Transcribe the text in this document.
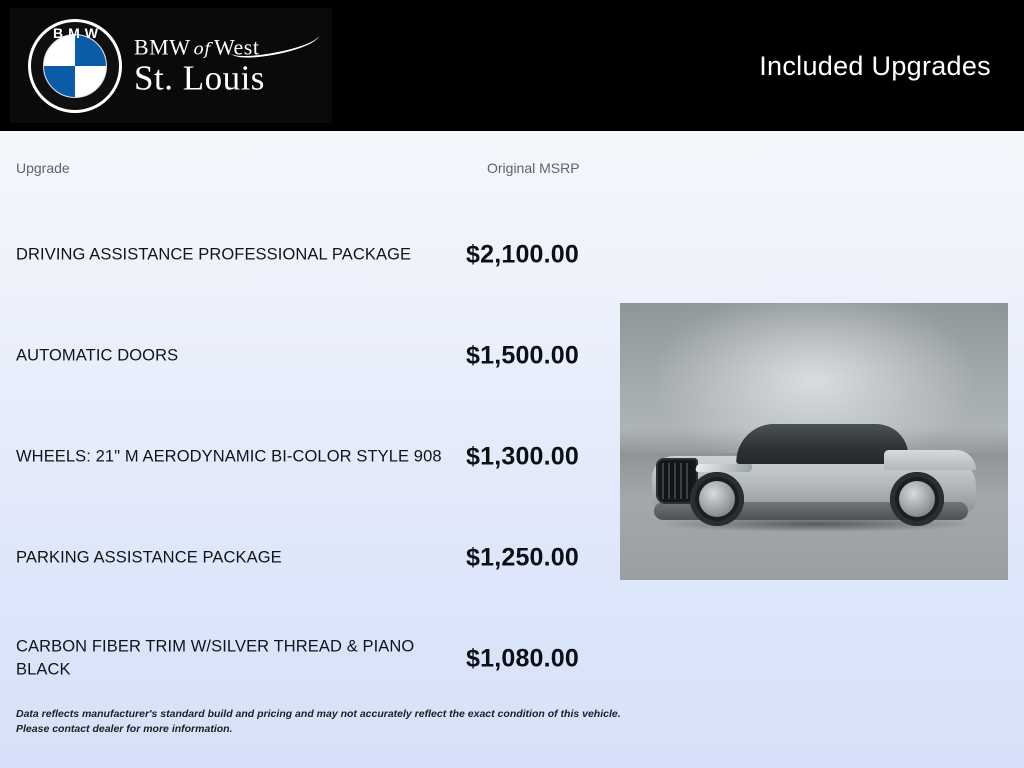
BMW
BMW of West
St. Louis	Included Upgrades
Upgrade	Original MSRP
DRIVING ASSISTANCE PROFESSIONAL PACKAGE	$2,100.00
AUTOMATIC DOORS	$1,500.00
WHEELS: 21" M AERODYNAMIC BI-COLOR STYLE 908 $1,300.00
PARKING ASSISTANCE PACKAGE	$1,250.00
CARBON FIBER TRIM W/SILVER THREAD & PIANO BLACK	$1,080.00
Data reflects manufacturer's standard build and pricing and may not accurately reflect the exact condition of this vehicle. Please contact dealer for more information.
